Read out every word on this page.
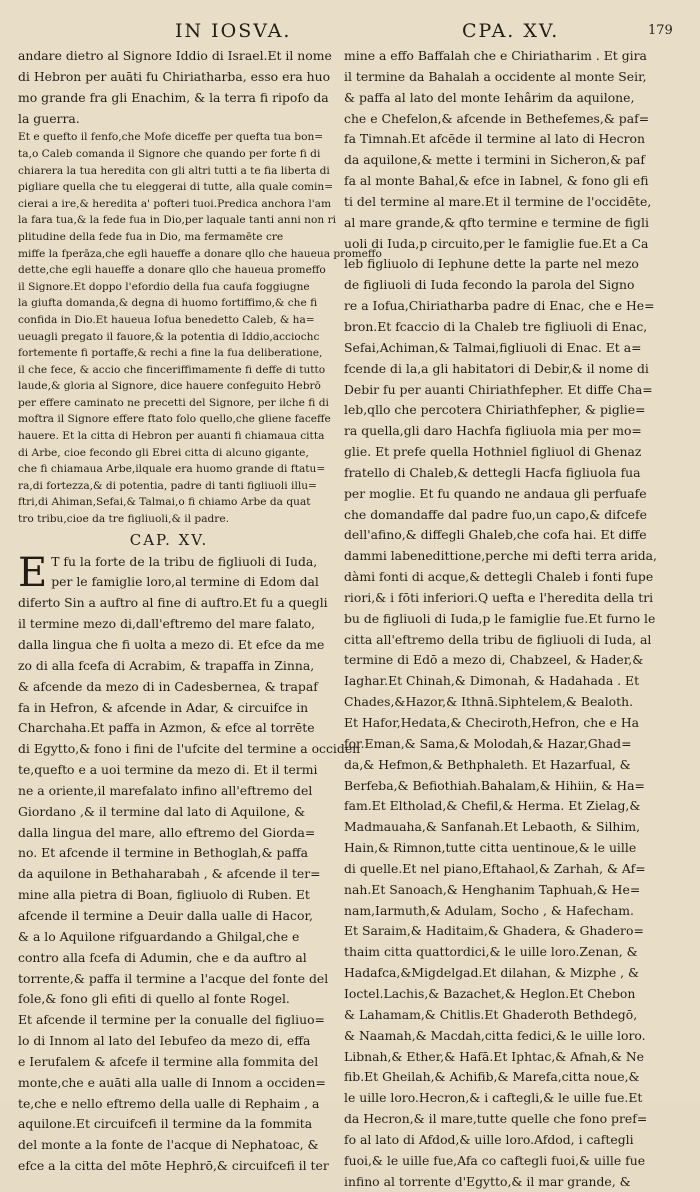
IN IOSVA.	CPA. XV.	179
andare dietro al Signore Iddio di Israel.Et il nome
di Hebron per auāti fu Chiriatharba, esso era huo
mo grande fra gli Enachim, & la terra fi ripofo da
la guerra.
Et e quefto il fenfo,che Mofe diceffe per quefta tua bon=
ta,o Caleb comanda il Signore che quando per forte fi di
chiarera la tua heredita con gli altri tutti a te fia liberta di
pigliare quella che tu eleggerai di tutte, alla quale comin=
cierai a ire,& heredita a' pofteri tuoi.Predica anchora l'am
la fara tua,& la fede fua in Dio,per laquale tanti anni non ri
plitudine della fede fua in Dio, ma fermamēte cre
miffe la fperāza,che egli haueffe a donare qllo che haueua promeffo
dette,che egli haueffe a donare qllo che haueua promeffo
il Signore.Et doppo l'efordio della fua caufa foggiugne
la giufta domanda,& degna di huomo fortiffimo,& che fi
confida in Dio.Et haueua Iofua benedetto Caleb, & ha=
ueuagli pregato il fauore,& la potentia di Iddio,acciochc
fortemente fi portaffe,& rechi a fine la fua deliberatione,
il che fece, & accio che finceriffimamente fi deffe di tutto
laude,& gloria al Signore, dice hauere confeguito Hebrō
per effere caminato ne precetti del Signore, per ilche fi di
moftra il Signore effere ftato folo quello,che gliene faceffe
hauere. Et la citta di Hebron per auanti fi chiamaua citta
di Arbe, cioe fecondo gli Ebrei citta di alcuno gigante,
che fi chiamaua Arbe,ilquale era huomo grande di ftatu=
ra,di fortezza,& di potentia, padre di tanti figliuoli illu=
ftri,di Ahiman,Sefai,& Talmai,o fi chiamo Arbe da quat
tro tribu,cioe da tre figliuoli,& il padre.
CAP. XV.
E T fu la forte de la tribu de figliuoli di Iuda,
per le famiglie loro,al termine di Edom dal
diferto Sin a auftro al fine di auftro.Et fu a quegli
il termine mezo di,dall'eftremo del mare falato,
dalla lingua che fi uolta a mezo di. Et efce da me
zo di alla fcefa di Acrabim, & trapaffa in Zinna,
& afcende da mezo di in Cadesbernea, & trapaf
fa in Hefron, & afcende in Adar, & circuifce in
Charchaha.Et paffa in Azmon, & efce al torrēte
di Egytto,& fono i fini de l'ufcite del termine a occiden
te,quefto e a uoi termine da mezo di. Et il termi
ne a oriente,il marefalato infino all'eftremo del
Giordano ,& il termine dal lato di Aquilone, &
dalla lingua del mare, allo eftremo del Giorda=
no. Et afcende il termine in Bethoglah,& paffa
da aquilone in Bethaharabah , & afcende il ter=
mine alla pietra di Boan, figliuolo di Ruben. Et
afcende il termine a Deuir dalla ualle di Hacor,
& a lo Aquilone rifguardando a Ghilgal,che e
contro alla fcefa di Adumin, che e da auftro al
torrente,& paffa il termine a l'acque del fonte del
fole,& fono gli efiti di quello al fonte Rogel.
Et afcende il termine per la conualle del figliuo=
lo di Innom al lato del Iebufeo da mezo di, effa
e Ierufalem & afcefe il termine alla fommita del
monte,che e auāti alla ualle di Innom a occiden=
te,che e nello eftremo della ualle di Rephaim , a
aquilone.Et circuifcefi il termine da la fommita
del monte a la fonte de l'acque di Nephatoac, &
efce a la citta del mōte Hephrō,& circuifcefi il ter
mine a effo Baffalah che e Chiriatharim . Et gira
il termine da Bahalah a occidente al monte Seir,
& paffa al lato del monte Iehârim da aquilone,
che e Chefelon,& afcende in Bethefemes,& paf=
fa Timnah.Et afcēde il termine al lato di Hecron
da aquilone,& mette i termini in Sicheron,& paf
fa al monte Bahal,& efce in Iabnel, & fono gli efi
ti del termine al mare.Et il termine de l'occidēte,
al mare grande,& qfto termine e termine de figli
uoli di Iuda,p circuito,per le famiglie fue.Et a Ca
leb figliuolo di Iephune dette la parte nel mezo
de figliuoli di Iuda fecondo la parola del Signo
re a Iofua,Chiriatharba padre di Enac, che e He=
bron.Et fcaccio di la Chaleb tre figliuoli di Enac,
Sefai,Achiman,& Talmai,figliuoli di Enac. Et a=
fcende di la,a gli habitatori di Debir,& il nome di
Debir fu per auanti Chiriathfepher. Et diffe Cha=
leb,qllo che percotera Chiriathfepher, & piglie=
ra quella,gli daro Hachfa figliuola mia per mo=
glie. Et prefe quella Hothniel figliuol di Ghenaz
fratello di Chaleb,& dettegli Hacfa figliuola fua
per moglie. Et fu quando ne andaua gli perfuafe
che domandaffe dal padre fuo,un capo,& difcefe
dell'afino,& diffegli Ghaleb,che cofa hai. Et diffe
dammi labenedittione,perche mi defti terra arida,
dàmi fonti di acque,& dettegli Chaleb i fonti fupe
riori,& i fōti inferiori.Q uefta e l'heredita della tri
bu de figliuoli di Iuda,p le famiglie fue.Et furno le
citta all'eftremo della tribu de figliuoli di Iuda, al
termine di Edō a mezo di, Chabzeel, & Hader,&
Iaghar.Et Chinah,& Dimonah, & Hadahada . Et
Chades,&Hazor,& Ithnā.Siphtelem,& Bealoth.
Et Hafor,Hedata,& Checiroth,Hefron, che e Ha
for.Eman,& Sama,& Molodah,& Hazar,Ghad=
da,& Hefmon,& Bethphaleth. Et Hazarfual, &
Berfeba,& Befiothiah.Bahalam,& Hihiin, & Ha=
fam.Et Eltholad,& Chefil,& Herma. Et Zielag,&
Madmauaha,& Sanfanah.Et Lebaoth, & Silhim,
Hain,& Rimnon,tutte citta uentinoue,& le uille
di quelle.Et nel piano,Eftahaol,& Zarhah, & Af=
nah.Et Sanoach,& Henghanim Taphuah,& He=
nam,Iarmuth,& Adulam, Socho , & Hafecham.
Et Saraim,& Haditaim,& Ghadera, & Ghadero=
thaim citta quattordici,& le uille loro.Zenan, &
Hadafca,&Migdelgad.Et dilahan, & Mizphe , &
Ioctel.Lachis,& Bazachet,& Heglon.Et Chebon
& Lahamam,& Chitlis.Et Ghaderoth Bethdegō,
& Naamah,& Macdah,citta fedici,& le uille loro.
Libnah,& Ether,& Hafā.Et Iphtac,& Afnah,& Ne
fib.Et Gheilah,& Achifib,& Marefa,citta noue,&
le uille loro.Hecron,& i caftegli,& le uille fue.Et
da Hecron,& il mare,tutte quelle che fono pref=
fo al lato di Afdod,& uille loro.Afdod, i caftegli
fuoi,& le uille fue,Afa co caftegli fuoi,& uille fue
infino al torrente d'Egytto,& il mar grande, &
